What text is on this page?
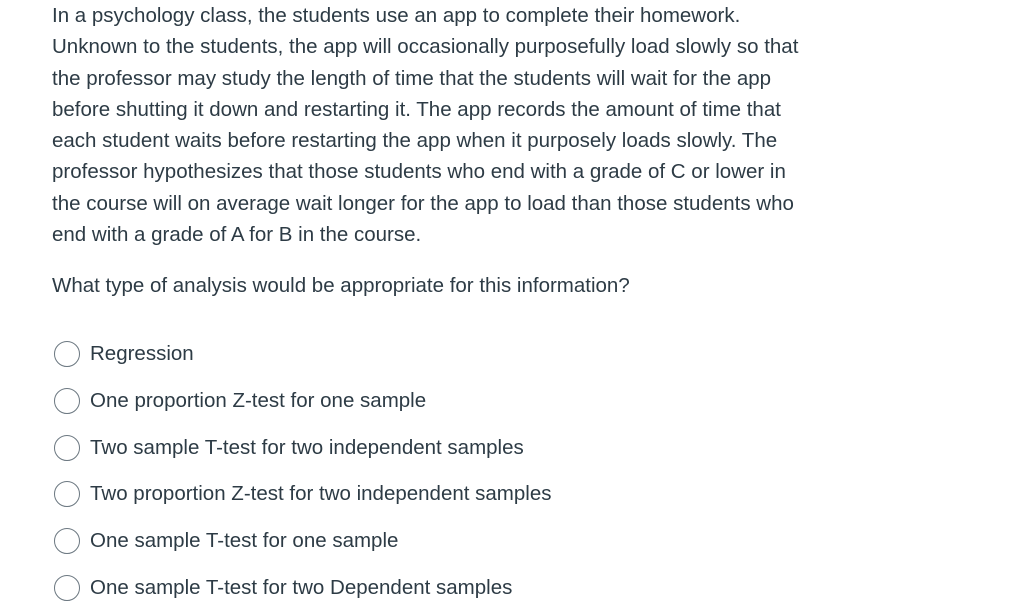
In a psychology class, the students use an app to complete their homework.

Unknown to the students, the app will occasionally purposefully load slowly so that

the professor may study the length of time that the students will wait for the app

before shutting it down and restarting it. The app records the amount of time that

each student waits before restarting the app when it purposely loads slowly. The

professor hypothesizes that those students who end with a grade of C or lower in

the course will on average wait longer for the app to load than those students who

end with a grade of A for B in the course.

What type of analysis would be appropriate for this information?

Regression
One proportion Z-test for one sample
Two sample T-test for two independent samples
Two proportion Z-test for two independent samples
One sample T-test for one sample
One sample T-test for two Dependent samples
